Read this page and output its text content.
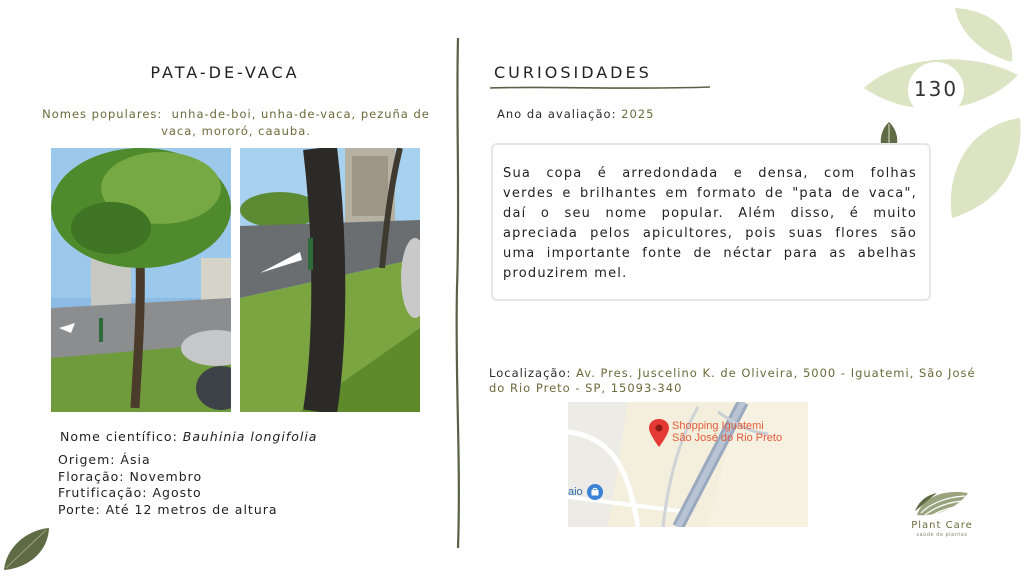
130
PATA-DE-VACA
Nomes populares: unha-de-boi, unha-de-vaca, pezuña de
vaca, mororó, caauba.
Nome científico: Bauhinia longifolia
Origem: Ásia
Floração: Novembro
Frutificação: Agosto
Porte: Até 12 metros de altura
CURIOSIDADES
Ano da avaliação: 2025
Sua copa é arredondada e densa, com folhas
verdes e brilhantes em formato de "pata de vaca",
daí o seu nome popular. Além disso, é muito
apreciada pelos apicultores, pois suas flores são
uma importante fonte de néctar para as abelhas
produzirem mel.
Localização: Av. Pres. Juscelino K. de Oliveira, 5000 - Iguatemi, São José
do Rio Preto - SP, 15093-340
Shopping Iguatemi
São José do Rio Preto
aio
Plant Care
saúde de plantas
